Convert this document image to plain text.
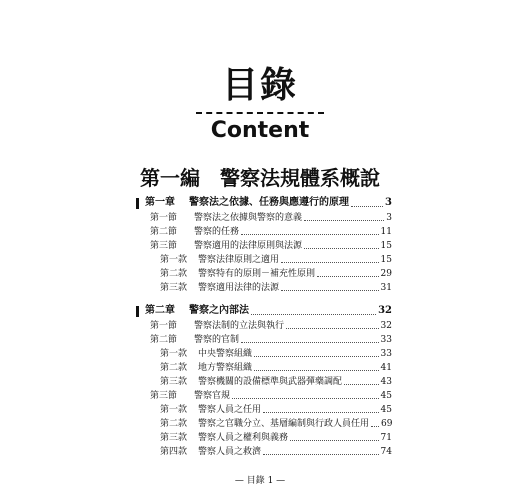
目錄
Content
第一編　警察法規體系概說
第一章 警察法之依據、任務與應遵行的原理	3
第一節 警察法之依據與警察的意義	3
第二節 警察的任務	11
第三節 警察適用的法律原則與法源	15
第一款 警察法律原則之適用	15
第二款 警察特有的原則－補充性原則	29
第三款 警察適用法律的法源	31
第二章 警察之內部法	32
第一節 警察法制的立法與執行	32
第二節 警察的官制	33
第一款 中央警察組織	33
第二款 地方警察組織	41
第三款 警察機關的設備標準與武器彈藥調配	43
第三節 警察官規	45
第一款 警察人員之任用	45
第二款 警察之官職分立、基層編制與行政人員任用 69
第三款 警察人員之權利與義務	71
第四款 警察人員之救濟	74
— 目錄 1 —
